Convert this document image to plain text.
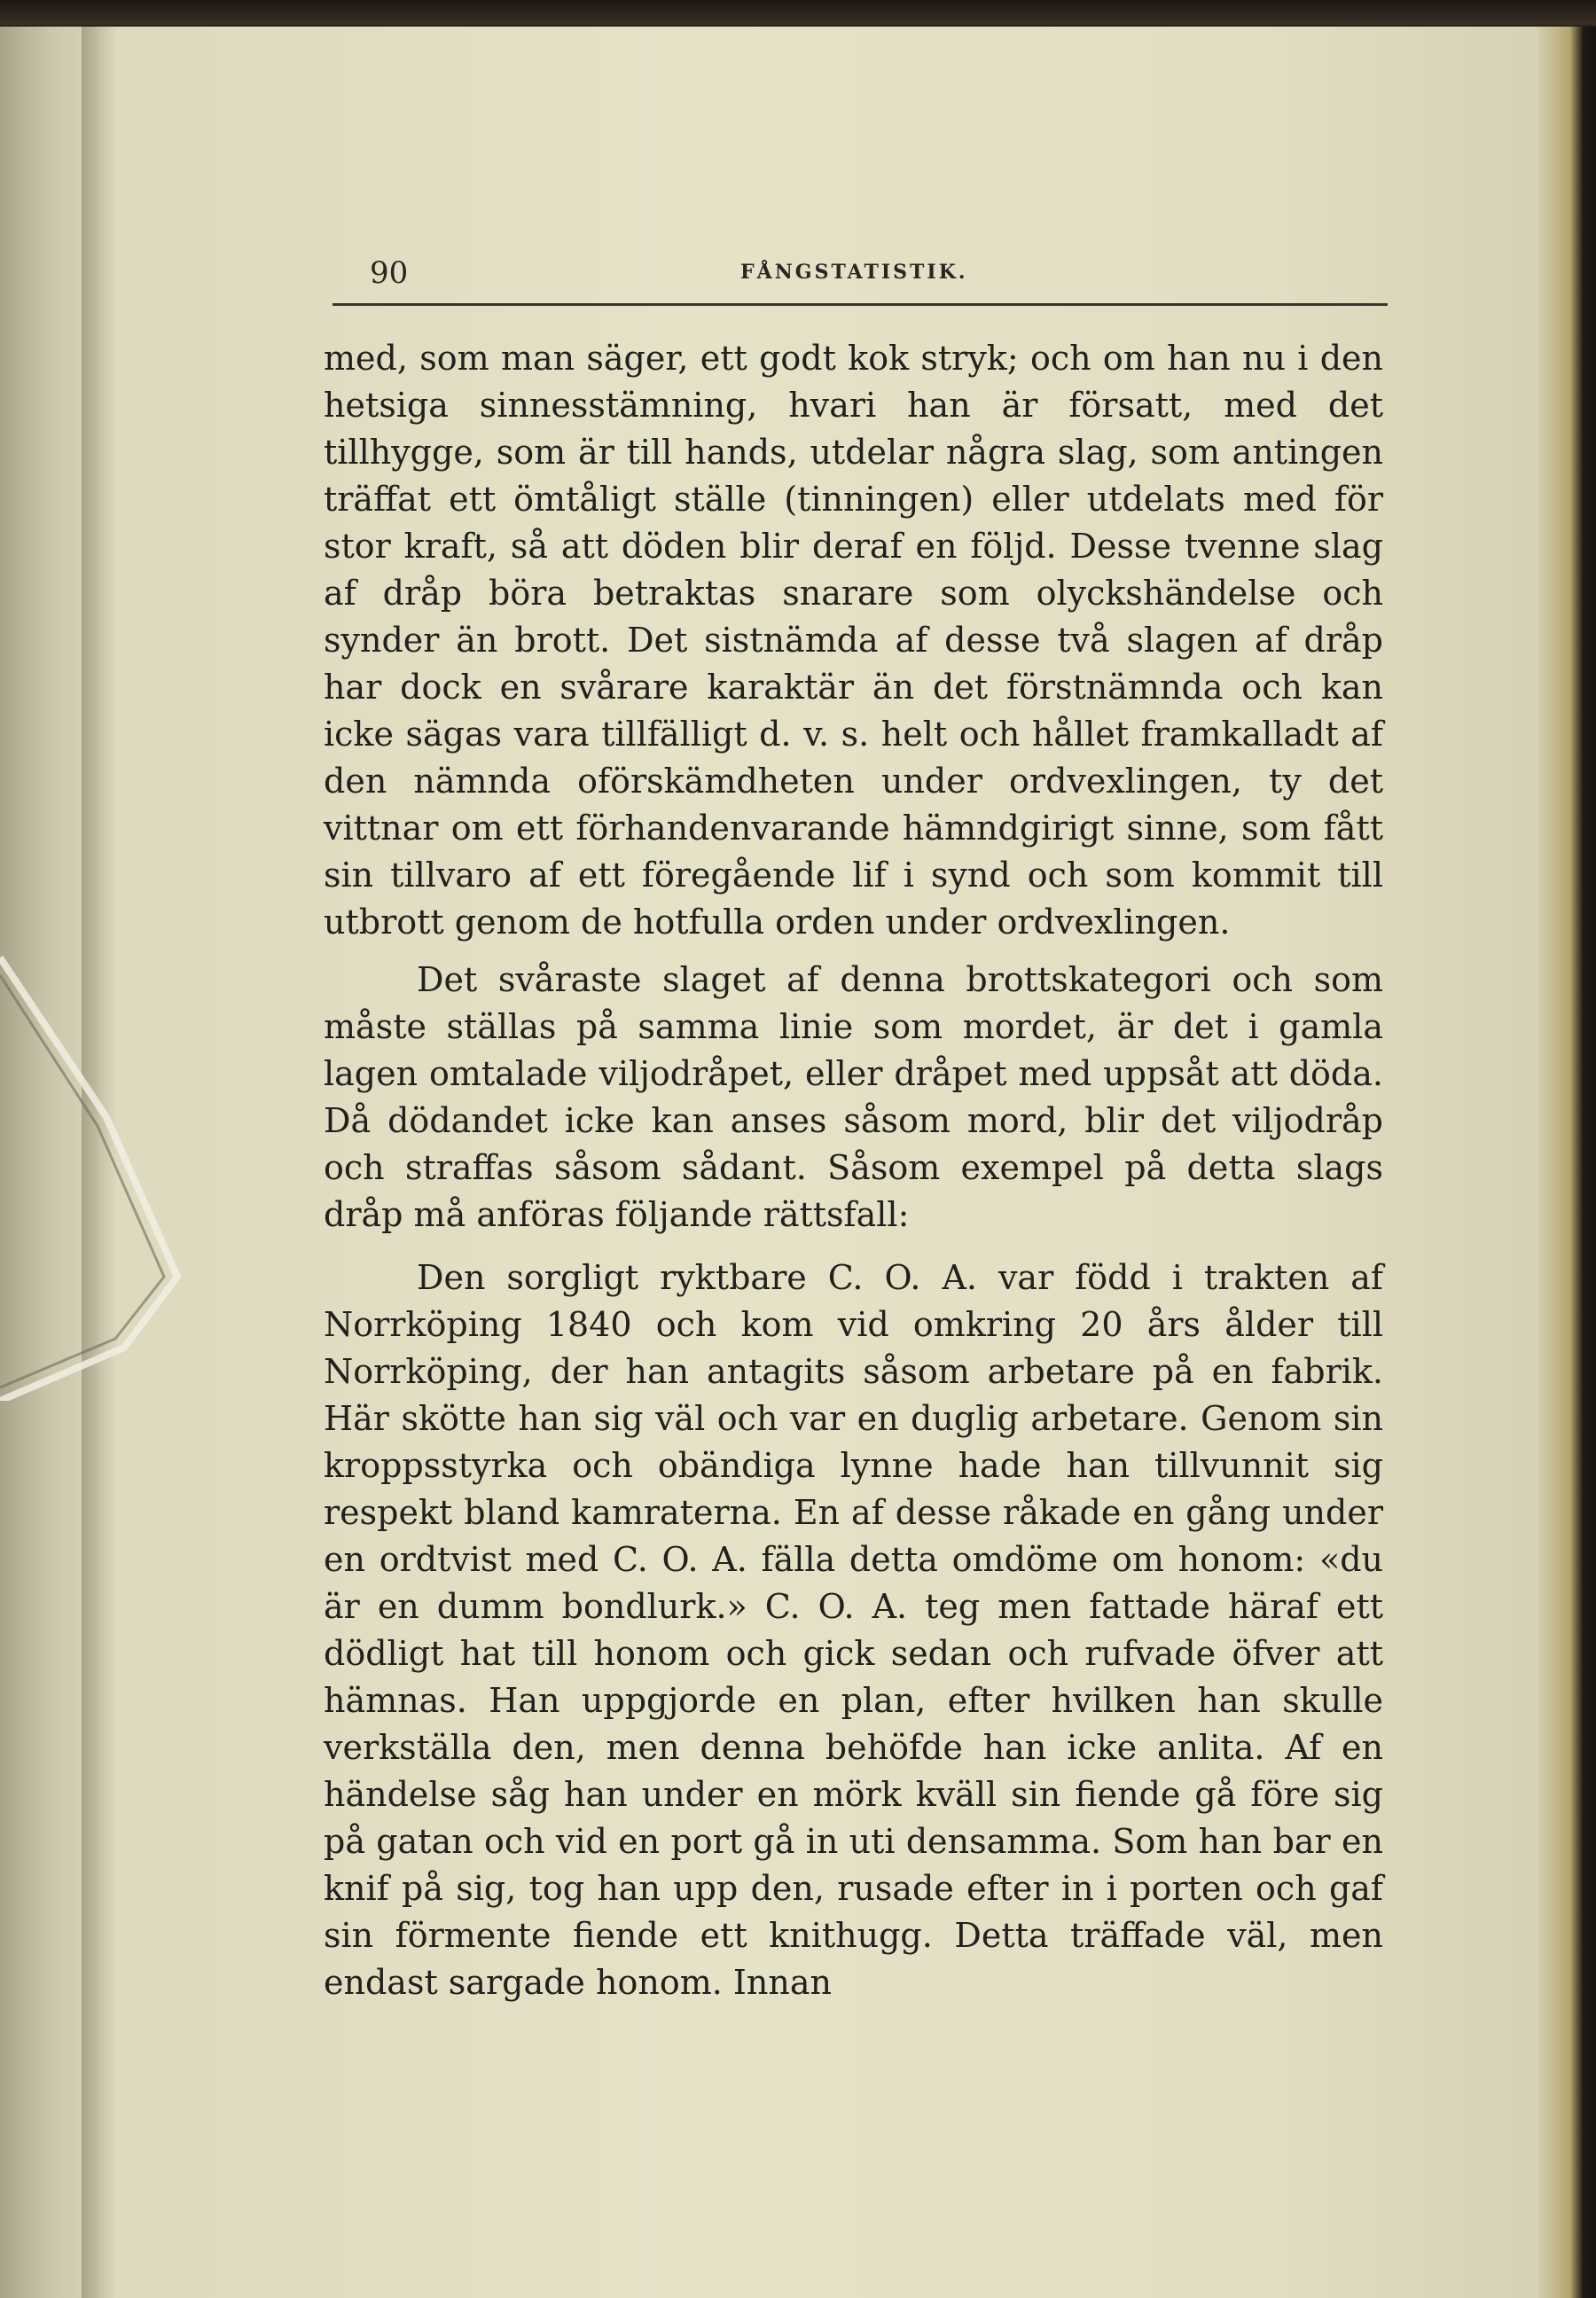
90	FÅNGSTATISTIK.

med, som man säger, ett godt kok stryk; och om han nu i den hetsiga sinnesstämning, hvari han är försatt, med det tillhygge, som är till hands, utdelar några slag, som antingen träffat ett ömtåligt ställe (tinningen) eller utdelats med för stor kraft, så att döden blir deraf en följd. Desse tvenne slag af dråp böra betraktas snarare som olyckshändelse och synder än brott. Det sistnämda af desse två slagen af dråp har dock en svårare karaktär än det förstnämnda och kan icke sägas vara tillfälligt d. v. s. helt och hållet framkalladt af den nämnda oförskämdheten under ordvexlingen, ty det vittnar om ett förhandenvarande hämndgirigt sinne, som fått sin tillvaro af ett föregående lif i synd och som kommit till utbrott genom de hotfulla orden under ordvexlingen.

Det svåraste slaget af denna brottskategori och som måste ställas på samma linie som mordet, är det i gamla lagen omtalade viljodråpet, eller dråpet med uppsåt att döda. Då dödandet icke kan anses såsom mord, blir det viljodråp och straffas såsom sådant. Såsom exempel på detta slags dråp må anföras följande rättsfall:

Den sorgligt ryktbare C. O. A. var född i trakten af Norrköping 1840 och kom vid omkring 20 års ålder till Norrköping, der han antagits såsom arbetare på en fabrik. Här skötte han sig väl och var en duglig arbetare. Genom sin kroppsstyrka och obändiga lynne hade han tillvunnit sig respekt bland kamraterna. En af desse råkade en gång under en ordtvist med C. O. A. fälla detta omdöme om honom: «du är en dumm bondlurk.» C. O. A. teg men fattade häraf ett dödligt hat till honom och gick sedan och rufvade öfver att hämnas. Han uppgjorde en plan, efter hvilken han skulle verkställa den, men denna behöfde han icke anlita. Af en händelse såg han under en mörk kväll sin fiende gå före sig på gatan och vid en port gå in uti densamma. Som han bar en knif på sig, tog han upp den, rusade efter in i porten och gaf sin förmente fiende ett knithugg. Detta träffade väl, men endast sargade honom. Innan
